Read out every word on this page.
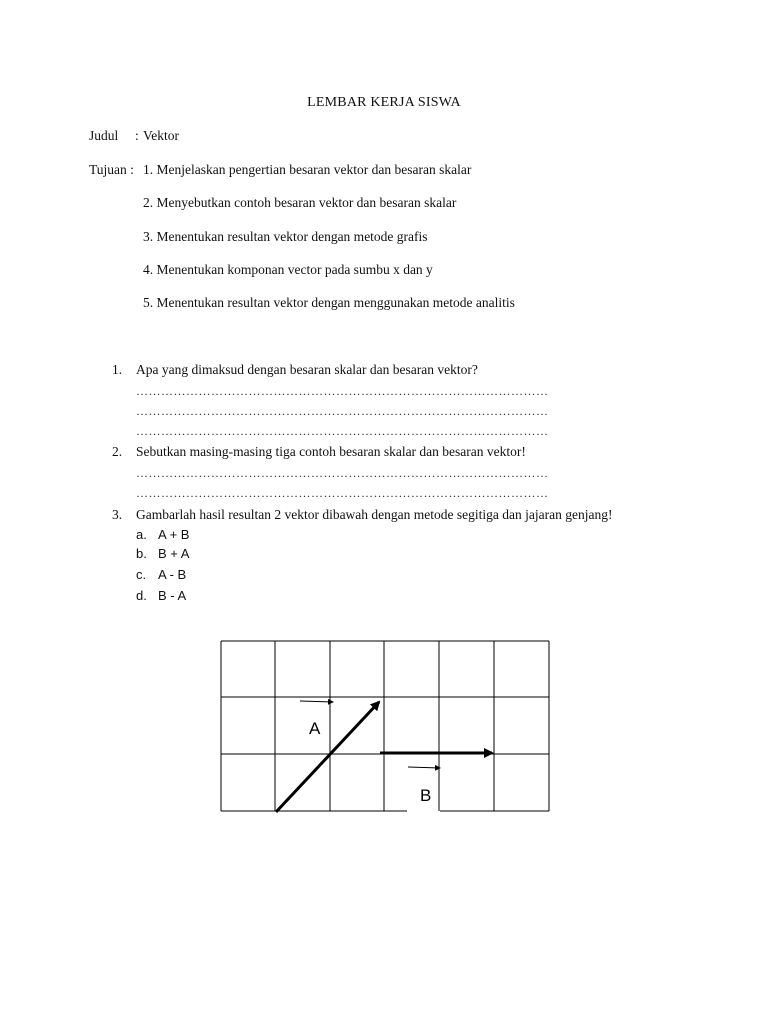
LEMBAR KERJA SISWA
Judul : Vektor
Tujuan : 1. Menjelaskan pengertian besaran vektor dan besaran skalar
2. Menyebutkan contoh besaran vektor dan besaran skalar
3. Menentukan resultan vektor dengan metode grafis
4. Menentukan komponan vector pada sumbu x dan y
5. Menentukan resultan vektor dengan menggunakan metode analitis
1. Apa yang dimaksud dengan besaran skalar dan besaran vektor?
………………………………………………………………………………………
………………………………………………………………………………………
………………………………………………………………………………………
2. Sebutkan masing-masing tiga contoh besaran skalar dan besaran vektor!
………………………………………………………………………………………
………………………………………………………………………………………
3. Gambarlah hasil resultan 2 vektor dibawah dengan metode segitiga dan jajaran genjang!
a. A + B
b. B + A
c. A - B
d. B - A
A
B
